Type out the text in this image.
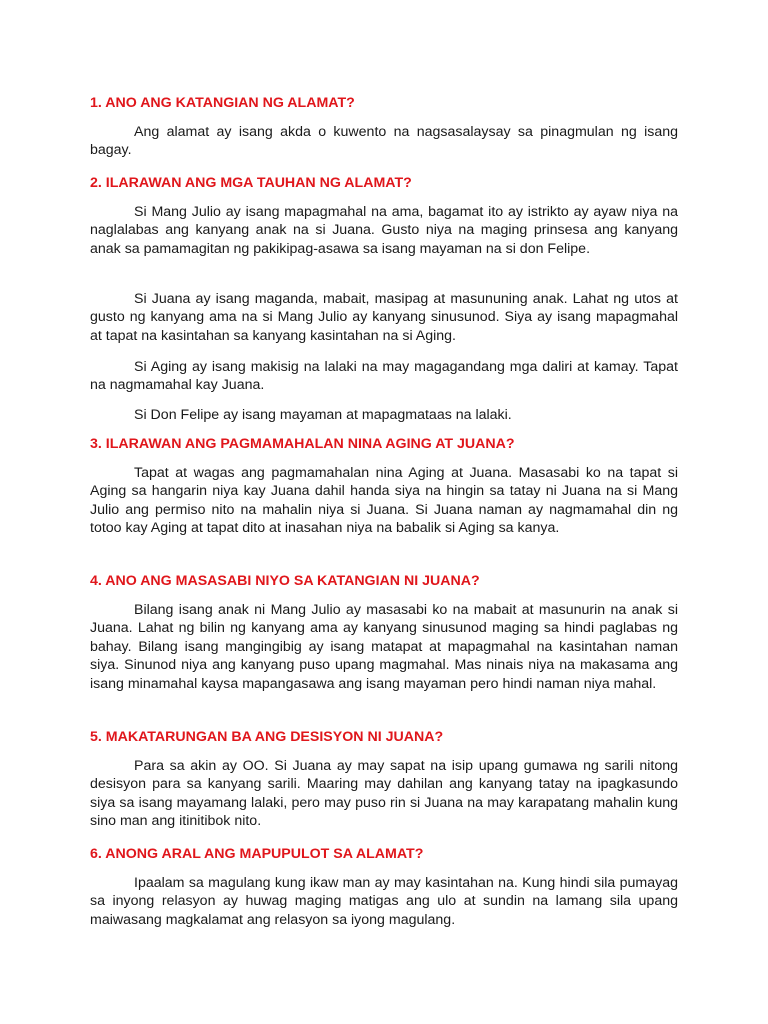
1. ANO ANG KATANGIAN NG ALAMAT?

Ang alamat ay isang akda o kuwento na nagsasalaysay sa pinagmulan ng isang bagay.

2. ILARAWAN ANG MGA TAUHAN NG ALAMAT?

Si Mang Julio ay isang mapagmahal na ama, bagamat ito ay istrikto ay ayaw niya na naglalabas ang kanyang anak na si Juana. Gusto niya na maging prinsesa ang kanyang anak sa pamamagitan ng pakikipag-asawa sa isang mayaman na si don Felipe.

Si Juana ay isang maganda, mabait, masipag at masununing anak. Lahat ng utos at gusto ng kanyang ama na si Mang Julio ay kanyang sinusunod. Siya ay isang mapagmahal at tapat na kasintahan sa kanyang kasintahan na si Aging.

Si Aging ay isang makisig na lalaki na may magagandang mga daliri at kamay. Tapat na nagmamahal kay Juana.

Si Don Felipe ay isang mayaman at mapagmataas na lalaki.

3. ILARAWAN ANG PAGMAMAHALAN NINA AGING AT JUANA?

Tapat at wagas ang pagmamahalan nina Aging at Juana. Masasabi ko na tapat si Aging sa hangarin niya kay Juana dahil handa siya na hingin sa tatay ni Juana na si Mang Julio ang permiso nito na mahalin niya si Juana. Si Juana naman ay nagmamahal din ng totoo kay Aging at tapat dito at inasahan niya na babalik si Aging sa kanya.

4. ANO ANG MASASABI NIYO SA KATANGIAN NI JUANA?

Bilang isang anak ni Mang Julio ay masasabi ko na mabait at masunurin na anak si Juana. Lahat ng bilin ng kanyang ama ay kanyang sinusunod maging sa hindi paglabas ng bahay. Bilang isang mangingibig ay isang matapat at mapagmahal na kasintahan naman siya. Sinunod niya ang kanyang puso upang magmahal. Mas ninais niya na makasama ang isang minamahal kaysa mapangasawa ang isang mayaman pero hindi naman niya mahal.

5. MAKATARUNGAN BA ANG DESISYON NI JUANA?

Para sa akin ay OO. Si Juana ay may sapat na isip upang gumawa ng sarili nitong desisyon para sa kanyang sarili. Maaring may dahilan ang kanyang tatay na ipagkasundo siya sa isang mayamang lalaki, pero may puso rin si Juana na may karapatang mahalin kung sino man ang itinitibok nito.

6. ANONG ARAL ANG MAPUPULOT SA ALAMAT?

Ipaalam sa magulang kung ikaw man ay may kasintahan na. Kung hindi sila pumayag sa inyong relasyon ay huwag maging matigas ang ulo at sundin na lamang sila upang maiwasang magkalamat ang relasyon sa iyong magulang.
